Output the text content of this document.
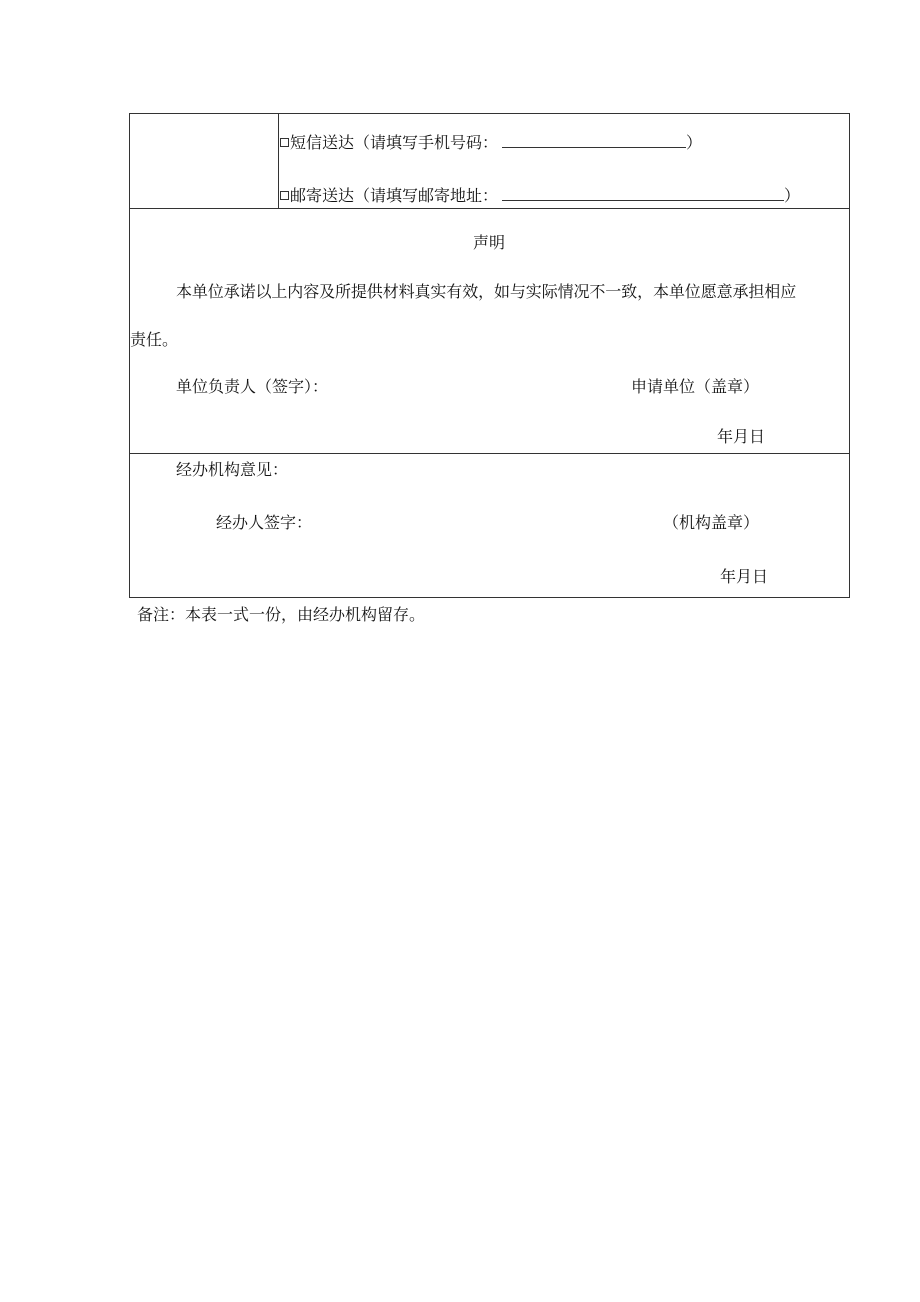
短信送达（请填写手机号码：	）
邮寄送达（请填写邮寄地址：	）
声明
本单位承诺以上内容及所提供材料真实有效，如与实际情况不一致，本单位愿意承担相应
责任。
单位负责人（签字）：	申请单位（盖章）
年月日
经办机构意见：
经办人签字：	（机构盖章）
年月日
备注：本表一式一份，由经办机构留存。
